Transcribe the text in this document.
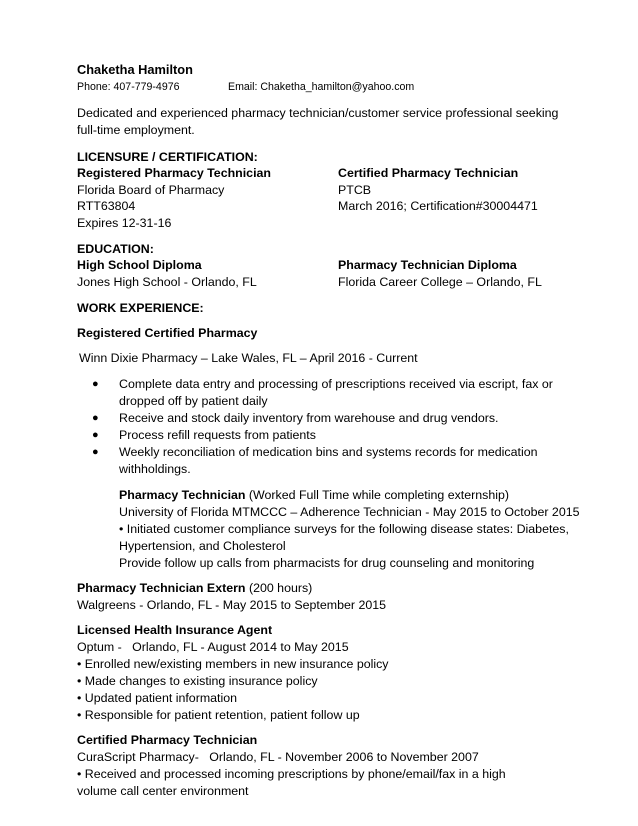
Chaketha Hamilton
Phone: 407-779-4976	Email: Chaketha_hamilton@yahoo.com
Dedicated and experienced pharmacy technician/customer service professional seeking full-time employment.
LICENSURE / CERTIFICATION:
Registered Pharmacy Technician	Certified Pharmacy Technician
Florida Board of Pharmacy	PTCB
RTT63804	March 2016; Certification#30004471
Expires 12-31-16
EDUCATION:
High School Diploma	Pharmacy Technician Diploma
Jones High School - Orlando, FL	Florida Career College – Orlando, FL
WORK EXPERIENCE:
Registered Certified Pharmacy
Winn Dixie Pharmacy – Lake Wales, FL – April 2016 - Current
● Complete data entry and processing of prescriptions received via escript, fax or dropped off by patient daily
● Receive and stock daily inventory from warehouse and drug vendors.
● Process refill requests from patients
● Weekly reconciliation of medication bins and systems records for medication withholdings.
Pharmacy Technician (Worked Full Time while completing externship)
University of Florida MTMCCC – Adherence Technician - May 2015 to October 2015
• Initiated customer compliance surveys for the following disease states: Diabetes, Hypertension, and Cholesterol
Provide follow up calls from pharmacists for drug counseling and monitoring
Pharmacy Technician Extern (200 hours)
Walgreens - Orlando, FL - May 2015 to September 2015
Licensed Health Insurance Agent
Optum -   Orlando, FL - August 2014 to May 2015
• Enrolled new/existing members in new insurance policy
• Made changes to existing insurance policy
• Updated patient information
• Responsible for patient retention, patient follow up
Certified Pharmacy Technician
CuraScript Pharmacy-   Orlando, FL - November 2006 to November 2007
• Received and processed incoming prescriptions by phone/email/fax in a high volume call center environment
